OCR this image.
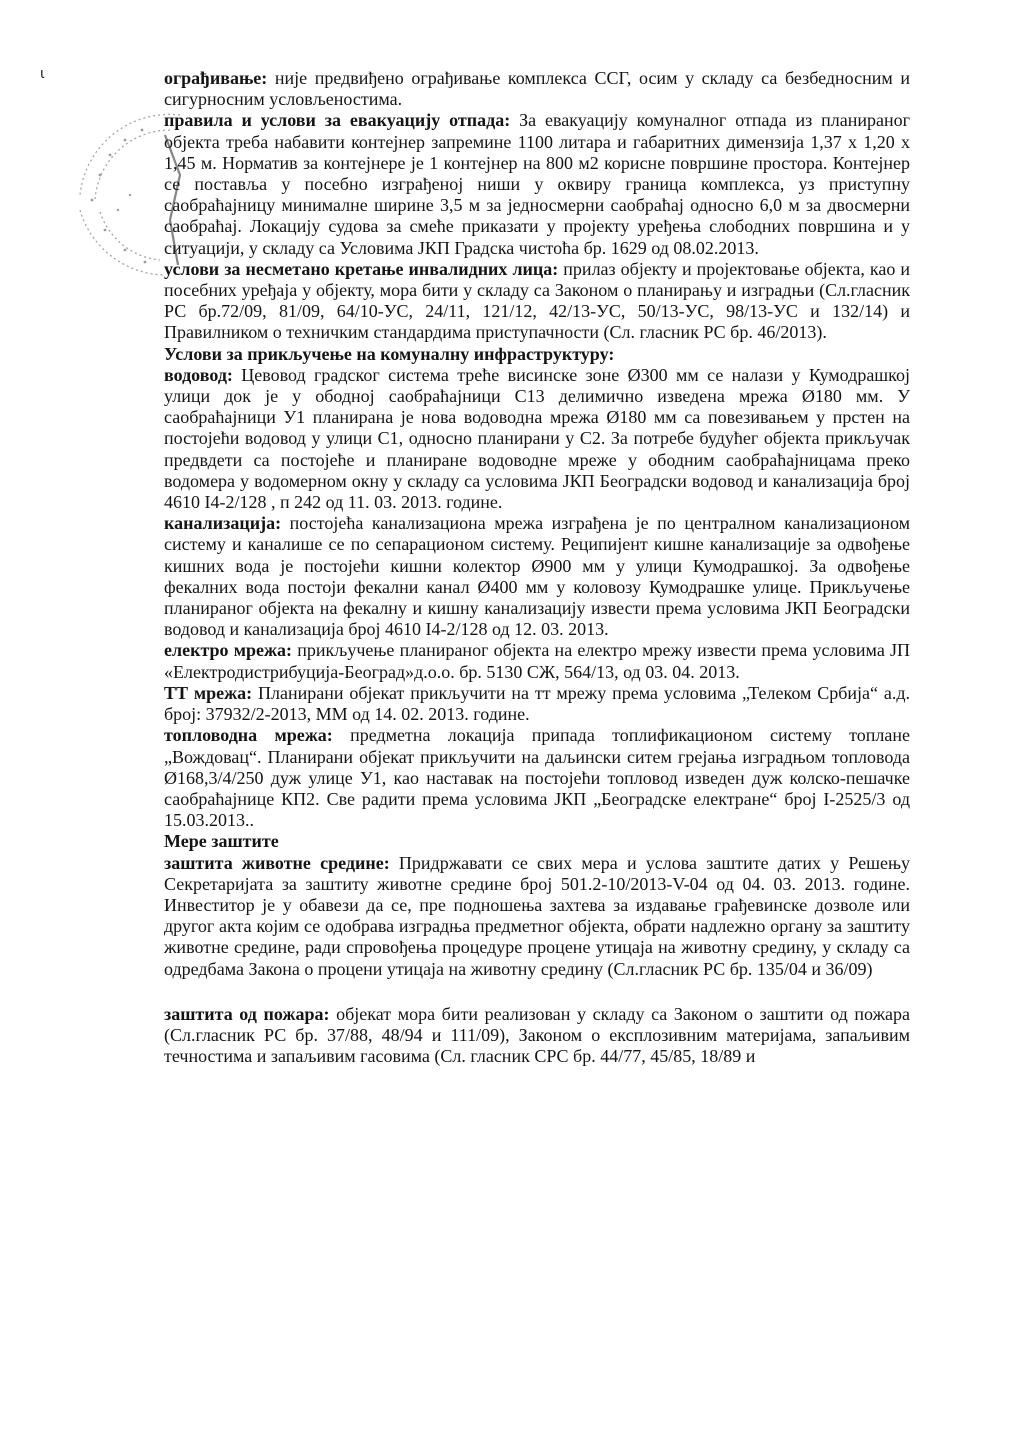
ι	ограђивање: није предвиђено ограђивање комплекса ССГ, осим у складу са безбедносним и сигурносним условљеностима.

правила и услови за евакуацију отпада: За евакуацију комуналног отпада из планираног објекта треба набавити контејнер запремине 1100 литара и габаритних димензија 1,37 х 1,20 х 1,45 м. Норматив за контејнере је 1 контејнер на 800 м2 корисне површине простора. Контејнер се поставља у посебно изграђеној ниши у оквиру граница комплекса, уз приступну саобраћајницу минималне ширине 3,5 м за једносмерни саобраћај односно 6,0 м за двосмерни саобраћај. Локацију судова за смеће приказати у пројекту уређења слободних површина и у ситуацији, у складу са Условима ЈКП Градска чистоћа бр. 1629 од 08.02.2013.

услови за несметано кретање инвалидних лица: прилаз објекту и пројектовање објекта, као и посебних уређаја у објекту, мора бити у складу са Законом о планирању и изградњи (Сл.гласник РС бр.72/09, 81/09, 64/10-УС, 24/11, 121/12, 42/13-УС, 50/13-УС, 98/13-УС и 132/14) и Правилником о техничким стандардима приступачности (Сл. гласник РС бр. 46/2013).

Услови за прикључење на комуналну инфраструктуру:

водовод: Цевовод градског система треће висинске зоне Ø300 мм се налази у Кумодрашкој улици док је у ободној саобраћајници С13 делимично изведена мрежа Ø180 мм. У саобраћајници У1 планирана је нова водоводна мрежа Ø180 мм са повезивањем у прстен на постојећи водовод у улици С1, односно планирани у С2. За потребе будућег објекта прикључак предвдети са постојеће и планиране водоводне мреже у ободним саобраћајницама преко водомера у водомерном окну у складу са условима ЈКП Београдски водовод и канализација број 4610 I4-2/128 , п 242 од 11. 03. 2013. године.

канализација: постојећа канализациона мрежа изграђена је по централном канализационом систему и каналише се по сепарационом систему. Реципијент кишне канализације за одвођење кишних вода је постојећи кишни колектор Ø900 мм у улици Кумодрашкој. За одвођење фекалних вода постоји фекални канал Ø400 мм у коловозу Кумодрашке улице. Прикључење планираног објекта на фекалну и кишну канализацију извести према условима ЈКП Београдски водовод и канализација број 4610 I4-2/128 од 12. 03. 2013.

електро мрежа: прикључење планираног објекта на електро мрежу извести према условима ЈП «Електродистрибуција-Београд»д.о.о. бр. 5130 СЖ, 564/13, од 03. 04. 2013.

ТТ мрежа: Планирани објекат прикључити на тт мрежу према условима „Телеком Србија“ а.д. број: 37932/2-2013, ММ од 14. 02. 2013. године.

топловодна мрежа: предметна локација припада топлификационом систему топлане „Вождовац“. Планирани објекат прикључити на даљински ситем грејања изградњом топловода Ø168,3/4/250 дуж улице У1, као наставак на постојећи топловод изведен дуж колско-пешачке саобраћајнице КП2. Све радити према условима ЈКП „Београдске електране“ број I-2525/3 од 15.03.2013..

Мере заштите

заштита животне средине: Придржавати се свих мера и услова заштите датих у Решењу Секретаријата за заштиту животне средине број 501.2-10/2013-V-04 од 04. 03. 2013. године. Инвеститор је у обавези да се, пре подношења захтева за издавање грађевинске дозволе или другог акта којим се одобрава изградња предметног објекта, обрати надлежно органу за заштиту животне средине, ради спровођења процедуре процене утицаја на животну средину, у складу са одредбама Закона о процени утицаја на животну средину (Сл.гласник РС бр. 135/04 и 36/09)

заштита од пожара: објекат мора бити реализован у складу са Законом о заштити од пожара (Сл.гласник РС бр. 37/88, 48/94 и 111/09), Законом о експлозивним материјама, запаљивим течностима и запаљивим гасовима (Сл. гласник СРС бр. 44/77, 45/85, 18/89 и
